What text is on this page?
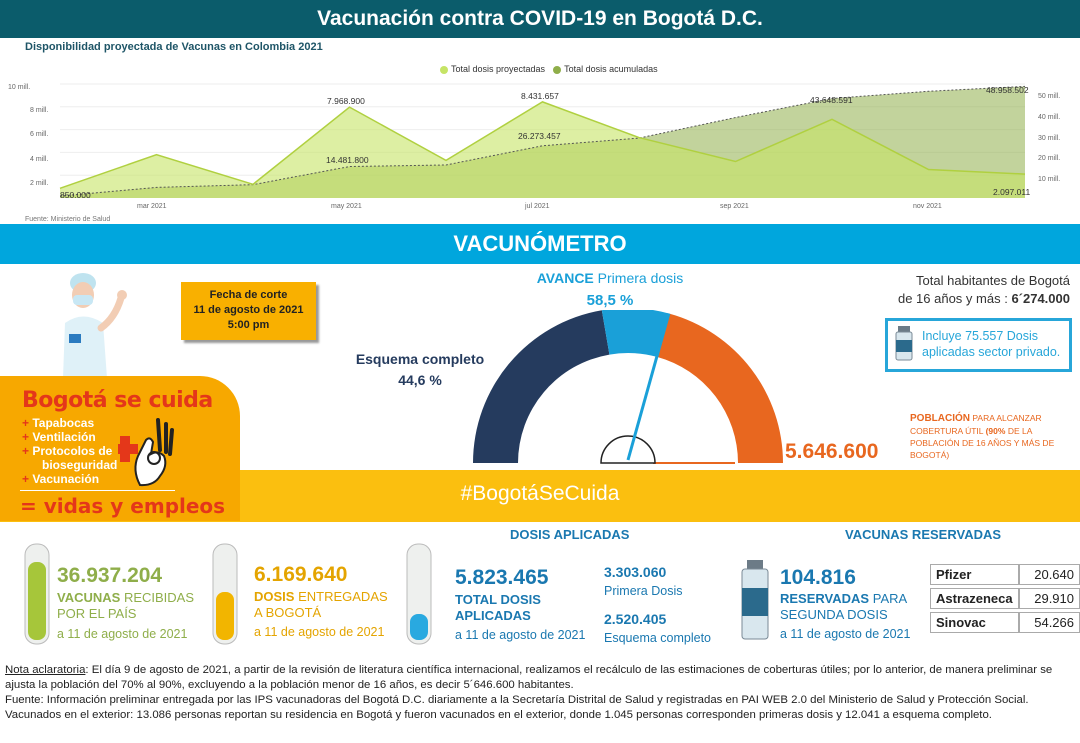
Vacunación contra COVID-19 en Bogotá D.C.
Disponibilidad proyectada de Vacunas en Colombia 2021
Total dosis proyectadas	Total dosis acumuladas
10 mill.
8 mill.
6 mill.
4 mill.
2 mill.
50 mill.
40 mill.
30 mill.
20 mill.
10 mill.
mar 2021	may 2021	jul 2021	sep 2021	nov 2021
850.000
7.968.900
14.481.800
8.431.657
26.273.457
43.648.591
48.958.502
2.097.011
Fuente: Ministerio de Salud
VACUNÓMETRO
Fecha de corte
11 de agosto de 2021
5:00 pm
#BogotáSeCuida
Bogotá se cuida
+ Tapabocas
+ Ventilación
+ Protocolos de
bioseguridad
+ Vacunación
= vidas y empleos
AVANCE Primera dosis
58,5 %
Esquema completo
44,6 %
5.646.600
POBLACIÓN PARA ALCANZAR COBERTURA ÚTIL (90% DE LA POBLACIÓN DE 16 AÑOS Y MÁS DE BOGOTÁ)
Total habitantes de Bogotá
de 16 años y más : 6´274.000
Incluye 75.557 Dosis
aplicadas sector privado.
DOSIS APLICADAS	VACUNAS RESERVADAS
36.937.204
VACUNAS RECIBIDAS
POR EL PAÍS
a 11 de agosto de 2021
6.169.640
DOSIS ENTREGADAS
A BOGOTÁ
a 11 de agosto de 2021
5.823.465
TOTAL DOSIS
APLICADAS
a 11 de agosto de 2021
3.303.060
Primera Dosis
2.520.405
Esquema completo
104.816
RESERVADAS PARA
SEGUNDA DOSIS
a 11 de agosto de 2021
Pfizer	20.640
Astrazeneca	29.910
Sinovac	54.266
Nota aclaratoria: El día 9 de agosto de 2021, a partir de la revisión de literatura científica internacional, realizamos el recálculo de las estimaciones de coberturas útiles; por lo anterior, de manera preliminar se ajusta la población del 70% al 90%, excluyendo a la población menor de 16 años, es decir 5´646.600 habitantes.
Fuente: Información preliminar entregada por las IPS vacunadoras del Bogotá D.C. diariamente a la Secretaría Distrital de Salud y registradas en PAI WEB 2.0 del Ministerio de Salud y Protección Social.
Vacunados en el exterior: 13.086 personas reportan su residencia en Bogotá y fueron vacunados en el exterior, donde 1.045 personas corresponden primeras dosis y 12.041 a esquema completo.
